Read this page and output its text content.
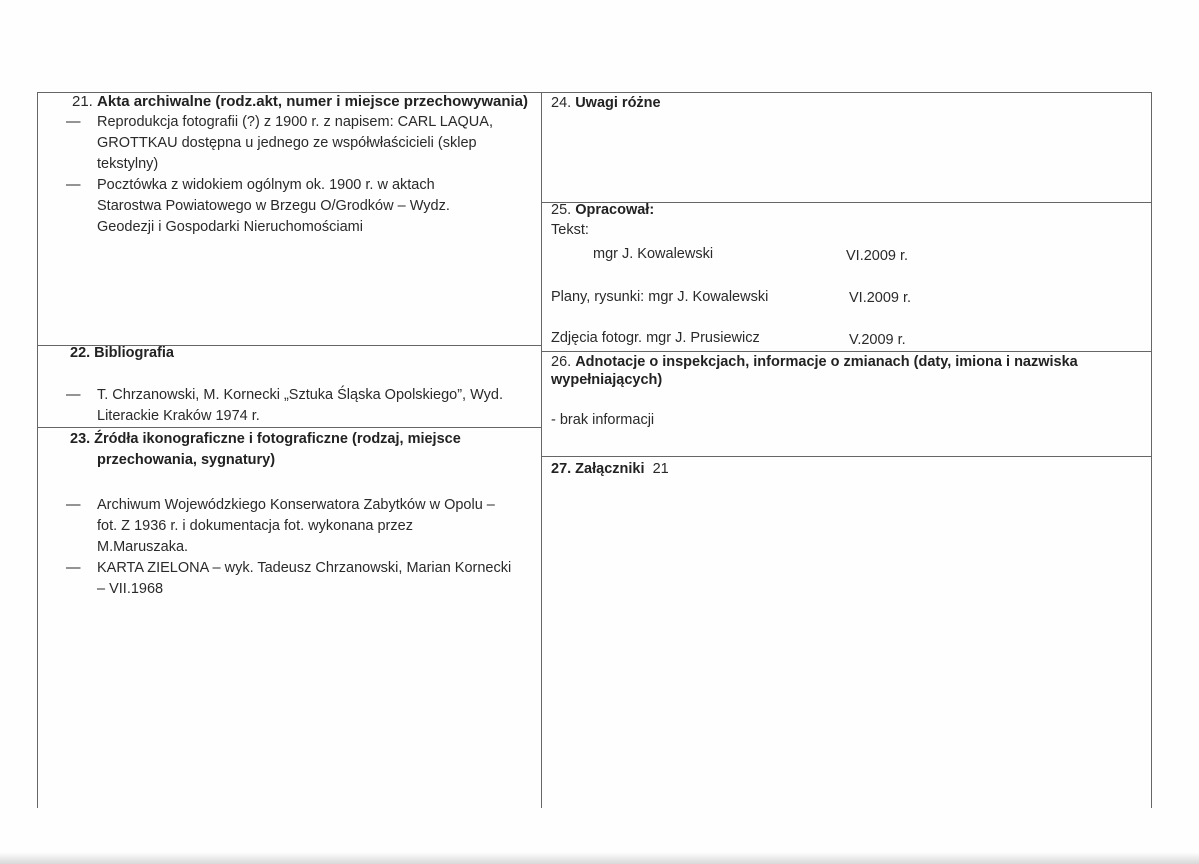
21. Akta archiwalne (rodz.akt, numer i miejsce przechowywania)
— Reprodukcja fotografii (?) z 1900 r. z napisem: CARL LAQUA,
GROTTKAU dostępna u jednego ze współwłaścicieli (sklep
tekstylny)
— Pocztówka z widokiem ogólnym ok. 1900 r. w aktach
Starostwa Powiatowego w Brzegu O/Grodków – Wydz.
Geodezji i Gospodarki Nieruchomościami
22. Bibliografia
— T. Chrzanowski, M. Kornecki „Sztuka Śląska Opolskiego”, Wyd.
Literackie Kraków 1974 r.
23. Źródła ikonograficzne i fotograficzne (rodzaj, miejsce
przechowania, sygnatury)
— Archiwum Wojewódzkiego Konserwatora Zabytków w Opolu –
fot. Z 1936 r. i dokumentacja fot. wykonana przez
M.Maruszaka.
— KARTA ZIELONA – wyk. Tadeusz Chrzanowski, Marian Kornecki
– VII.1968
24. Uwagi różne
25. Opracował:
Tekst:
mgr J. Kowalewski	VI.2009 r.
Plany, rysunki: mgr J. Kowalewski	VI.2009 r.
Zdjęcia fotogr. mgr J. Prusiewicz	V.2009 r.
26. Adnotacje o inspekcjach, informacje o zmianach (daty, imiona i nazwiska
wypełniających)
- brak informacji
27. Załączniki 21
